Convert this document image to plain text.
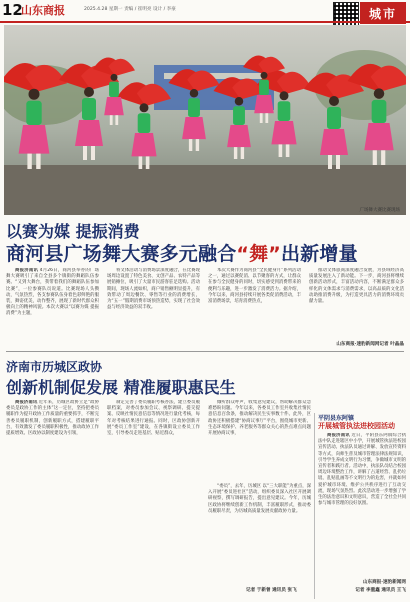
12
山东商报	2025.4.28 星期一 责编 / 崔明亮 设计 / 李豪	城市
广场舞大赛比赛现场
以赛为媒 提振消费
商河县广场舞大赛多元融合“舞”出新增量

商报济南讯 4月26日，商河县举办的广场舞大赛吸引了来自全县多个镇街的舞蹈队伍参赛。“又到大舞台，我带着我们的舞蹈队伍参加比赛”，一位参赛队员说道。比赛现场人头攒动，气氛热烈，各支参赛队伍身着色彩鲜艳的服装，舞姿优美，动作整齐，展现了新时代群众积极向上的精神风貌。本次大赛以“以赛为媒 提振消费”为主题，

将文体活动与消费场景深度融合，在比赛现场周边设置了特色美食、文创产品、农特产品等展销摊位，吸引了大量市民游客驻足选购。活动期间，现场人流如织，商户销售额明显提升，有效带动了周边餐饮、零售等行业的消费增长，为“五一”假期消费市场预热造势，实现了社会效益与经济效益的双丰收。

本次大赛作为商河县“全民健身月”系列活动之一，通过以赛促消、以节聚客的方式，让群众在参与全民健身的同时，切实感受到消费带来的便利与乐趣，进一步激发了消费活力。据介绍，今年以来，商河县持续开展各类促消费活动，丰富消费场景，培育消费热点，

推动文体旅商深度融合发展，为县域经济高质量发展注入了新动能。下一步，商河县将继续创新活动形式，丰富活动内容，不断满足群众多样化的文体需求与消费需求，以高品质的文化活动助推消费升级，为打造更具活力的消费环境贡献力量。

山东商报·速豹新闻网记者 叶晶晶
济南市历城区政协
创新机制促发展 精准履职惠民生

商报济南讯 近年来，历城区政协立足“政协委员是政协工作的主体”这一定位，坚持把委员履职作为提升政协工作质量的重要抓手，不断完善委员履职机制，创新履职方式，搭建履职平台，有效激发了委员履职积极性，推动政协工作提质增效。区政协以制度建设为引领，

制定完善了委员履职考核办法，建立委员履职档案，对委员参加会议、视察调研、提交提案、反映社情民意信息等情况进行量化考核，每年对考核结果进行通报。同时，区政协创新开展“委员工作室”建设，在各镇街设立委员工作室，引导委员走进基层、贴近群众，

倾听群众呼声，收集意见建议，帮助解决群众急难愁盼问题。今年以来，各委员工作室共收集社情民意信息百余条，推动解决民生实事数十件。此外，区政协还积极搭建“协商议事厅”平台，围绕城市更新、生态环境保护、养老服务等群众关心的热点难点问题开展协商议事，

“委员”，去年，历城区 以“三大职能”为重点，深入开展“委员进社区”活动，组织委员深入社区开展调研视察，撰写调研报告，提出意见建议。今年，历城区政协将继续创新工作机制，丰富履职形式，推动委员履职尽责，为历城高质量发展贡献政协力量。

记者 于新曾 通讯员 张飞
平阴县东阿镇
开展城管执法进校园活动

商报济南讯 近日，平阴县东阿镇综合执法中队走进辖区中小学，开展城管执法进校园宣传活动。执法队员通过讲解、发放宣传资料等方式，向师生普及城市管理法律法规知识，引导学生养成文明行为习惯，争做城市文明的宣传者和践行者。活动中，执法队员结合校园周边环境整治工作，讲解了占道经营、乱扔垃圾、乱贴乱画等不文明行为的危害，并就如何爱护城市环境、维护公共秩序进行了互动交流，现场气氛热烈。此次活动进一步增强了学生的法治意识和文明意识，营造了全社会共同参与城市管理的良好氛围。

山东商报·速豹新闻网
记者 李重鑫 通讯员 王飞
